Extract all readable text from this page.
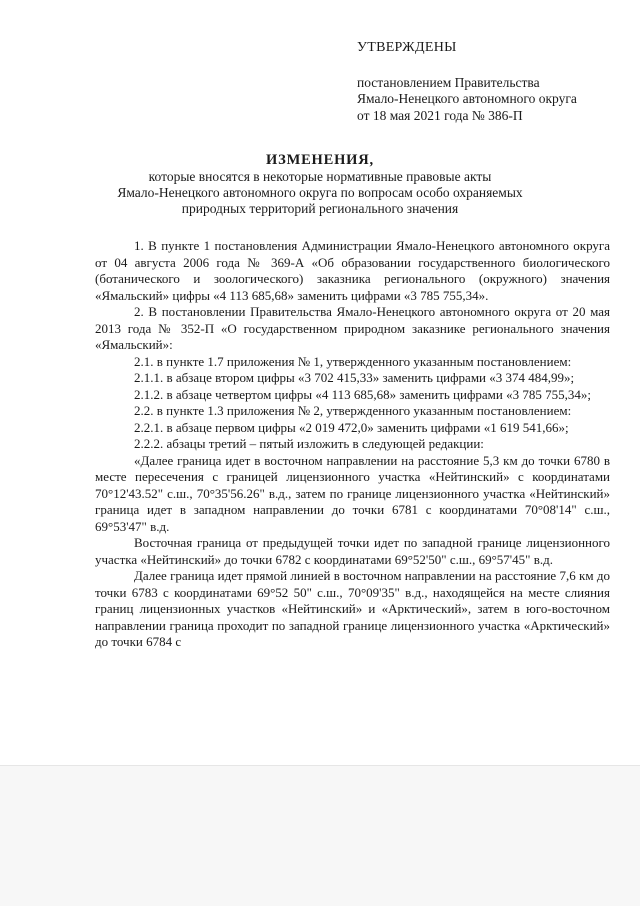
УТВЕРЖДЕНЫ
постановлением Правительства
Ямало-Ненецкого автономного округа
от 18 мая 2021 года № 386-П
ИЗМЕНЕНИЯ,
которые вносятся в некоторые нормативные правовые акты
Ямало-Ненецкого автономного округа по вопросам особо охраняемых
природных территорий регионального значения

1. В пункте 1 постановления Администрации Ямало-Ненецкого автономного округа от 04 августа 2006 года № 369-А «Об образовании государственного биологического (ботанического и зоологического) заказника регионального (окружного) значения «Ямальский» цифры «4 113 685,68» заменить цифрами «3 785 755,34».

2. В постановлении Правительства Ямало-Ненецкого автономного округа от 20 мая 2013 года № 352-П «О государственном природном заказнике регионального значения «Ямальский»:

2.1. в пункте 1.7 приложения № 1, утвержденного указанным постановлением:

2.1.1. в абзаце втором цифры «3 702 415,33» заменить цифрами «3 374 484,99»;

2.1.2. в абзаце четвертом цифры «4 113 685,68» заменить цифрами «3 785 755,34»;

2.2. в пункте 1.3 приложения № 2, утвержденного указанным постановлением:

2.2.1. в абзаце первом цифры «2 019 472,0» заменить цифрами «1 619 541,66»;

2.2.2. абзацы третий – пятый изложить в следующей редакции:

«Далее граница идет в восточном направлении на расстояние 5,3 км до точки 6780 в месте пересечения с границей лицензионного участка «Нейтинский» с координатами 70°12'43.52" с.ш., 70°35'56.26" в.д., затем по границе лицензионного участка «Нейтинский» граница идет в западном направлении до точки 6781 с координатами 70°08'14" с.ш., 69°53'47" в.д.

Восточная граница от предыдущей точки идет по западной границе лицензионного участка «Нейтинский» до точки 6782 с координатами 69°52'50" с.ш., 69°57'45" в.д.

Далее граница идет прямой линией в восточном направлении на расстояние 7,6 км до точки 6783 с координатами 69°52 50" с.ш., 70°09'35" в.д., находящейся на месте слияния границ лицензионных участков «Нейтинский» и «Арктический», затем в юго-восточном направлении граница проходит по западной границе лицензионного участка «Арктический» до точки 6784 с
